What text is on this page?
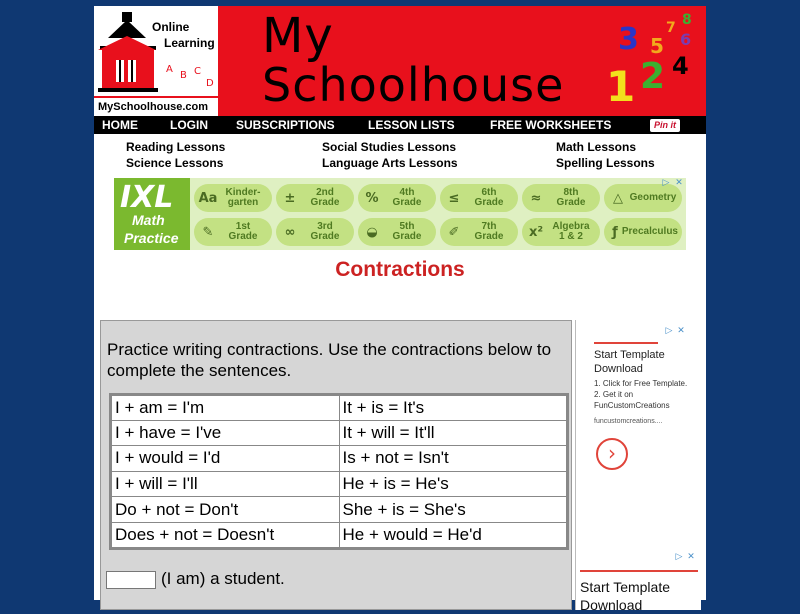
Online
Learning
A
B C
D
MySchoolhouse.com
My
Schoolhouse
3 5
7 8
6
1 2 4
HOME	LOGIN SUBSCRIPTIONS	LESSON LISTS	FREE WORKSHEETS	Pin it
Reading Lessons	Social Studies Lessons	Math Lessons
Science Lessons	Language Arts Lessons	Spelling Lessons
IXL
Math
Practice
Aa Kinder-
garten	±	2nd
Grade	%	4th
Grade	≤	6th
Grade	≈	8th
Grade	△ Geometry
✎	1st
Grade	∞	3rd
Grade	◒	5th
Grade	✐	7th
Grade	x² Algebra
1 & 2	ƒ Precalculus
▷ ✕
Contractions
Practice writing contractions. Use the contractions below to complete the sentences.
I + am = I'm	It + is = It's
I + have = I've	It + will = It'll
I + would = I'd	Is + not = Isn't
I + will = I'll	He + is = He's
Do + not = Don't	She + is = She's
Does + not = Doesn't	He + would = He'd
(I am) a student.
▷ ✕
Start Template Download
1. Click for Free Template. 2. Get it on FunCustomCreations
funcustomcreations....
›
▷ ✕
Start Template Download
